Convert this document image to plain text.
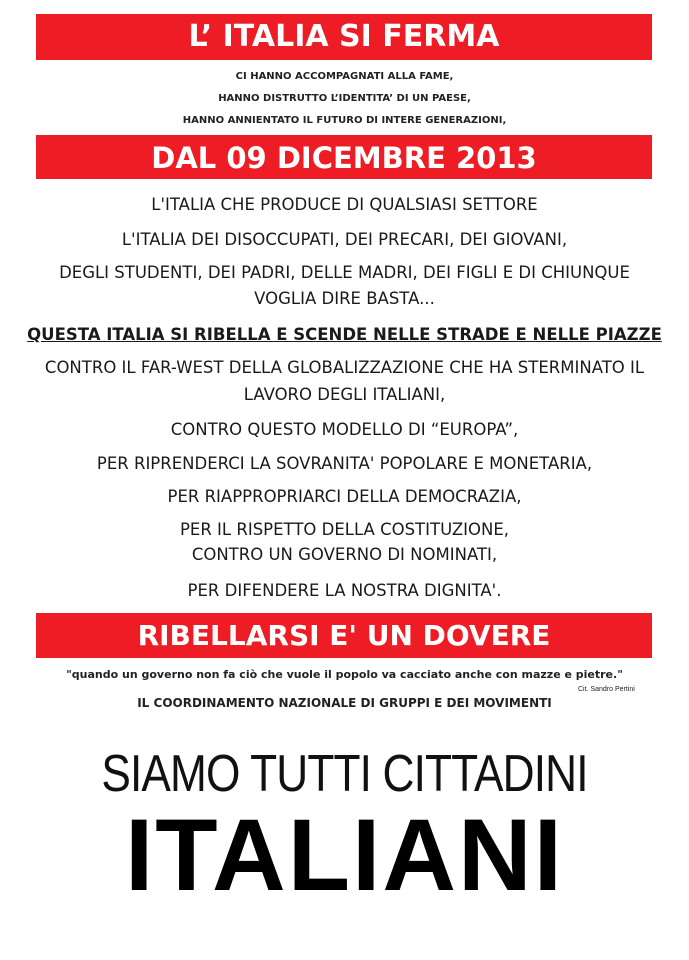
L’ ITALIA SI FERMA
CI HANNO ACCOMPAGNATI ALLA FAME,
HANNO DISTRUTTO L’IDENTITA’ DI UN PAESE,
HANNO ANNIENTATO IL FUTURO DI INTERE GENERAZIONI,
DAL 09 DICEMBRE 2013
L'ITALIA CHE PRODUCE DI QUALSIASI SETTORE
L'ITALIA DEI DISOCCUPATI, DEI PRECARI, DEI GIOVANI,
DEGLI STUDENTI, DEI PADRI, DELLE MADRI, DEI FIGLI E DI CHIUNQUE
VOGLIA DIRE BASTA...
QUESTA ITALIA SI RIBELLA E SCENDE NELLE STRADE E NELLE PIAZZE
CONTRO IL FAR-WEST DELLA GLOBALIZZAZIONE CHE HA STERMINATO IL
LAVORO DEGLI ITALIANI,
CONTRO QUESTO MODELLO DI “EUROPA”,
PER RIPRENDERCI LA SOVRANITA' POPOLARE E MONETARIA,
PER RIAPPROPRIARCI DELLA DEMOCRAZIA,
PER IL RISPETTO DELLA COSTITUZIONE,
CONTRO UN GOVERNO DI NOMINATI,
PER DIFENDERE LA NOSTRA DIGNITA'.
RIBELLARSI E' UN DOVERE
"quando un governo non fa ciò che vuole il popolo va cacciato anche con mazze e pietre."
Cit. Sandro Pertini
IL COORDINAMENTO NAZIONALE DI GRUPPI E DEI MOVIMENTI
SIAMO TUTTI CITTADINI
ITALIANI
